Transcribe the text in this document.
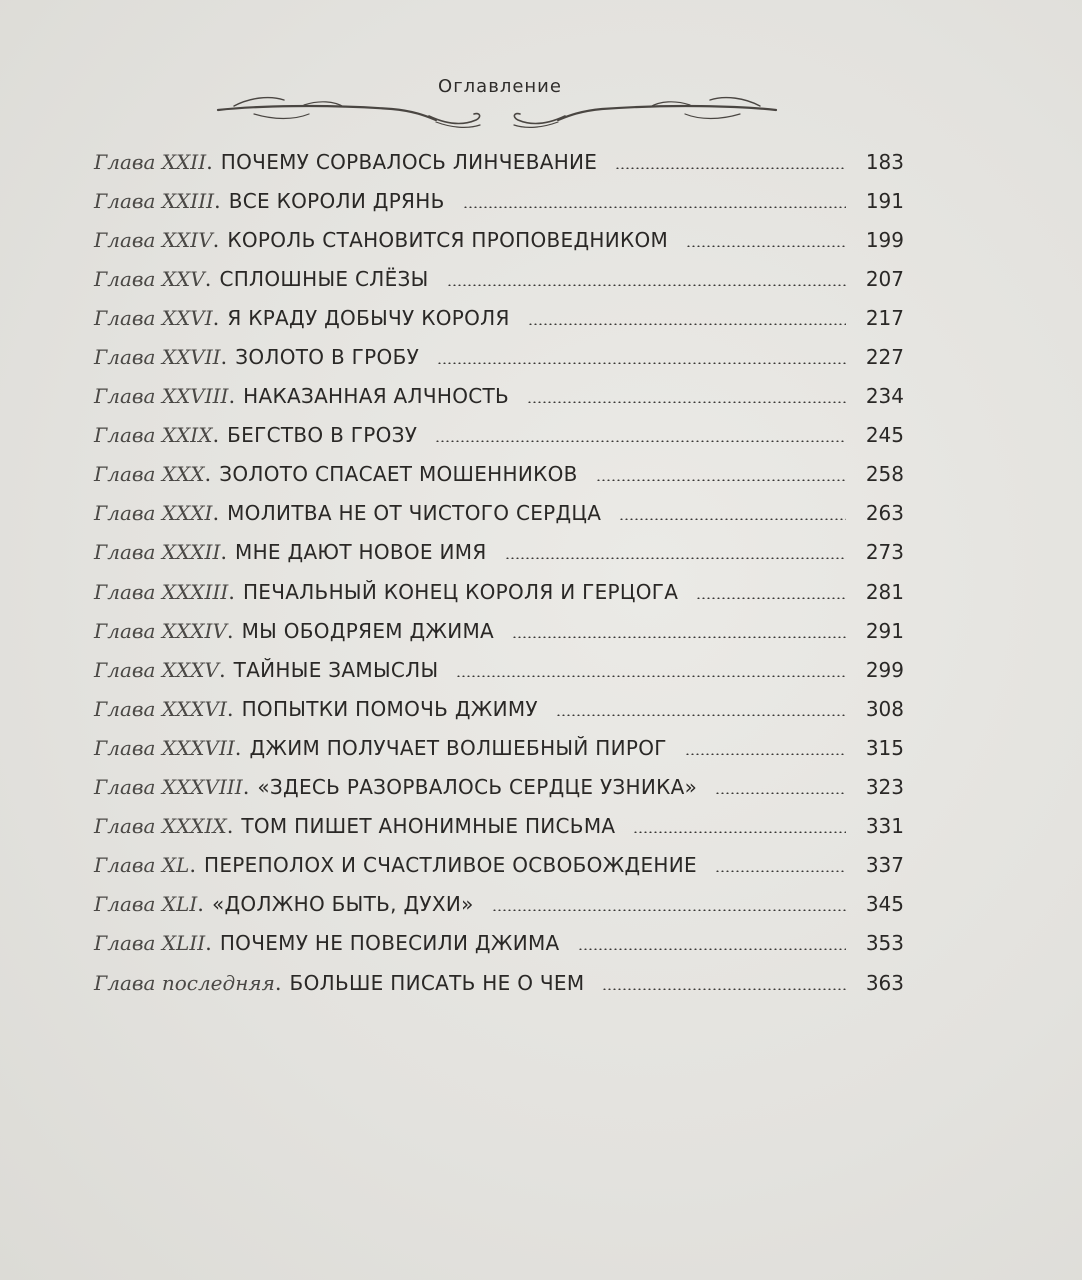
Оглавление
Глава XXII . ПОЧЕМУ СОРВАЛОСЬ ЛИНЧЕВАНИЕ	183
Глава XXIII . ВСЕ КОРОЛИ ДРЯНЬ	191
Глава XXIV . КОРОЛЬ СТАНОВИТСЯ ПРОПОВЕДНИКОМ	199
Глава XXV . СПЛОШНЫЕ СЛЁЗЫ	207
Глава XXVI . Я КРАДУ ДОБЫЧУ КОРОЛЯ	217
Глава XXVII . ЗОЛОТО В ГРОБУ	227
Глава XXVIII . НАКАЗАННАЯ АЛЧНОСТЬ	234
Глава XXIX . БЕГСТВО В ГРОЗУ	245
Глава XXX . ЗОЛОТО СПАСАЕТ МОШЕННИКОВ	258
Глава XXXI . МОЛИТВА НЕ ОТ ЧИСТОГО СЕРДЦА	263
Глава XXXII . МНЕ ДАЮТ НОВОЕ ИМЯ	273
Глава XXXIII . ПЕЧАЛЬНЫЙ КОНЕЦ КОРОЛЯ И ГЕРЦОГА	281
Глава XXXIV . МЫ ОБОДРЯЕМ ДЖИМА	291
Глава XXXV . ТАЙНЫЕ ЗАМЫСЛЫ	299
Глава XXXVI . ПОПЫТКИ ПОМОЧЬ ДЖИМУ	308
Глава XXXVII . ДЖИМ ПОЛУЧАЕТ ВОЛШЕБНЫЙ ПИРОГ	315
Глава XXXVIII . «ЗДЕСЬ РАЗОРВАЛОСЬ СЕРДЦЕ УЗНИКА»	323
Глава XXXIX . ТОМ ПИШЕТ АНОНИМНЫЕ ПИСЬМА	331
Глава XL . ПЕРЕПОЛОХ И СЧАСТЛИВОЕ ОСВОБОЖДЕНИЕ	337
Глава XLI . «ДОЛЖНО БЫТЬ, ДУХИ»	345
Глава XLII . ПОЧЕМУ НЕ ПОВЕСИЛИ ДЖИМА	353
Глава последняя . БОЛЬШЕ ПИСАТЬ НЕ О ЧЕМ	363
